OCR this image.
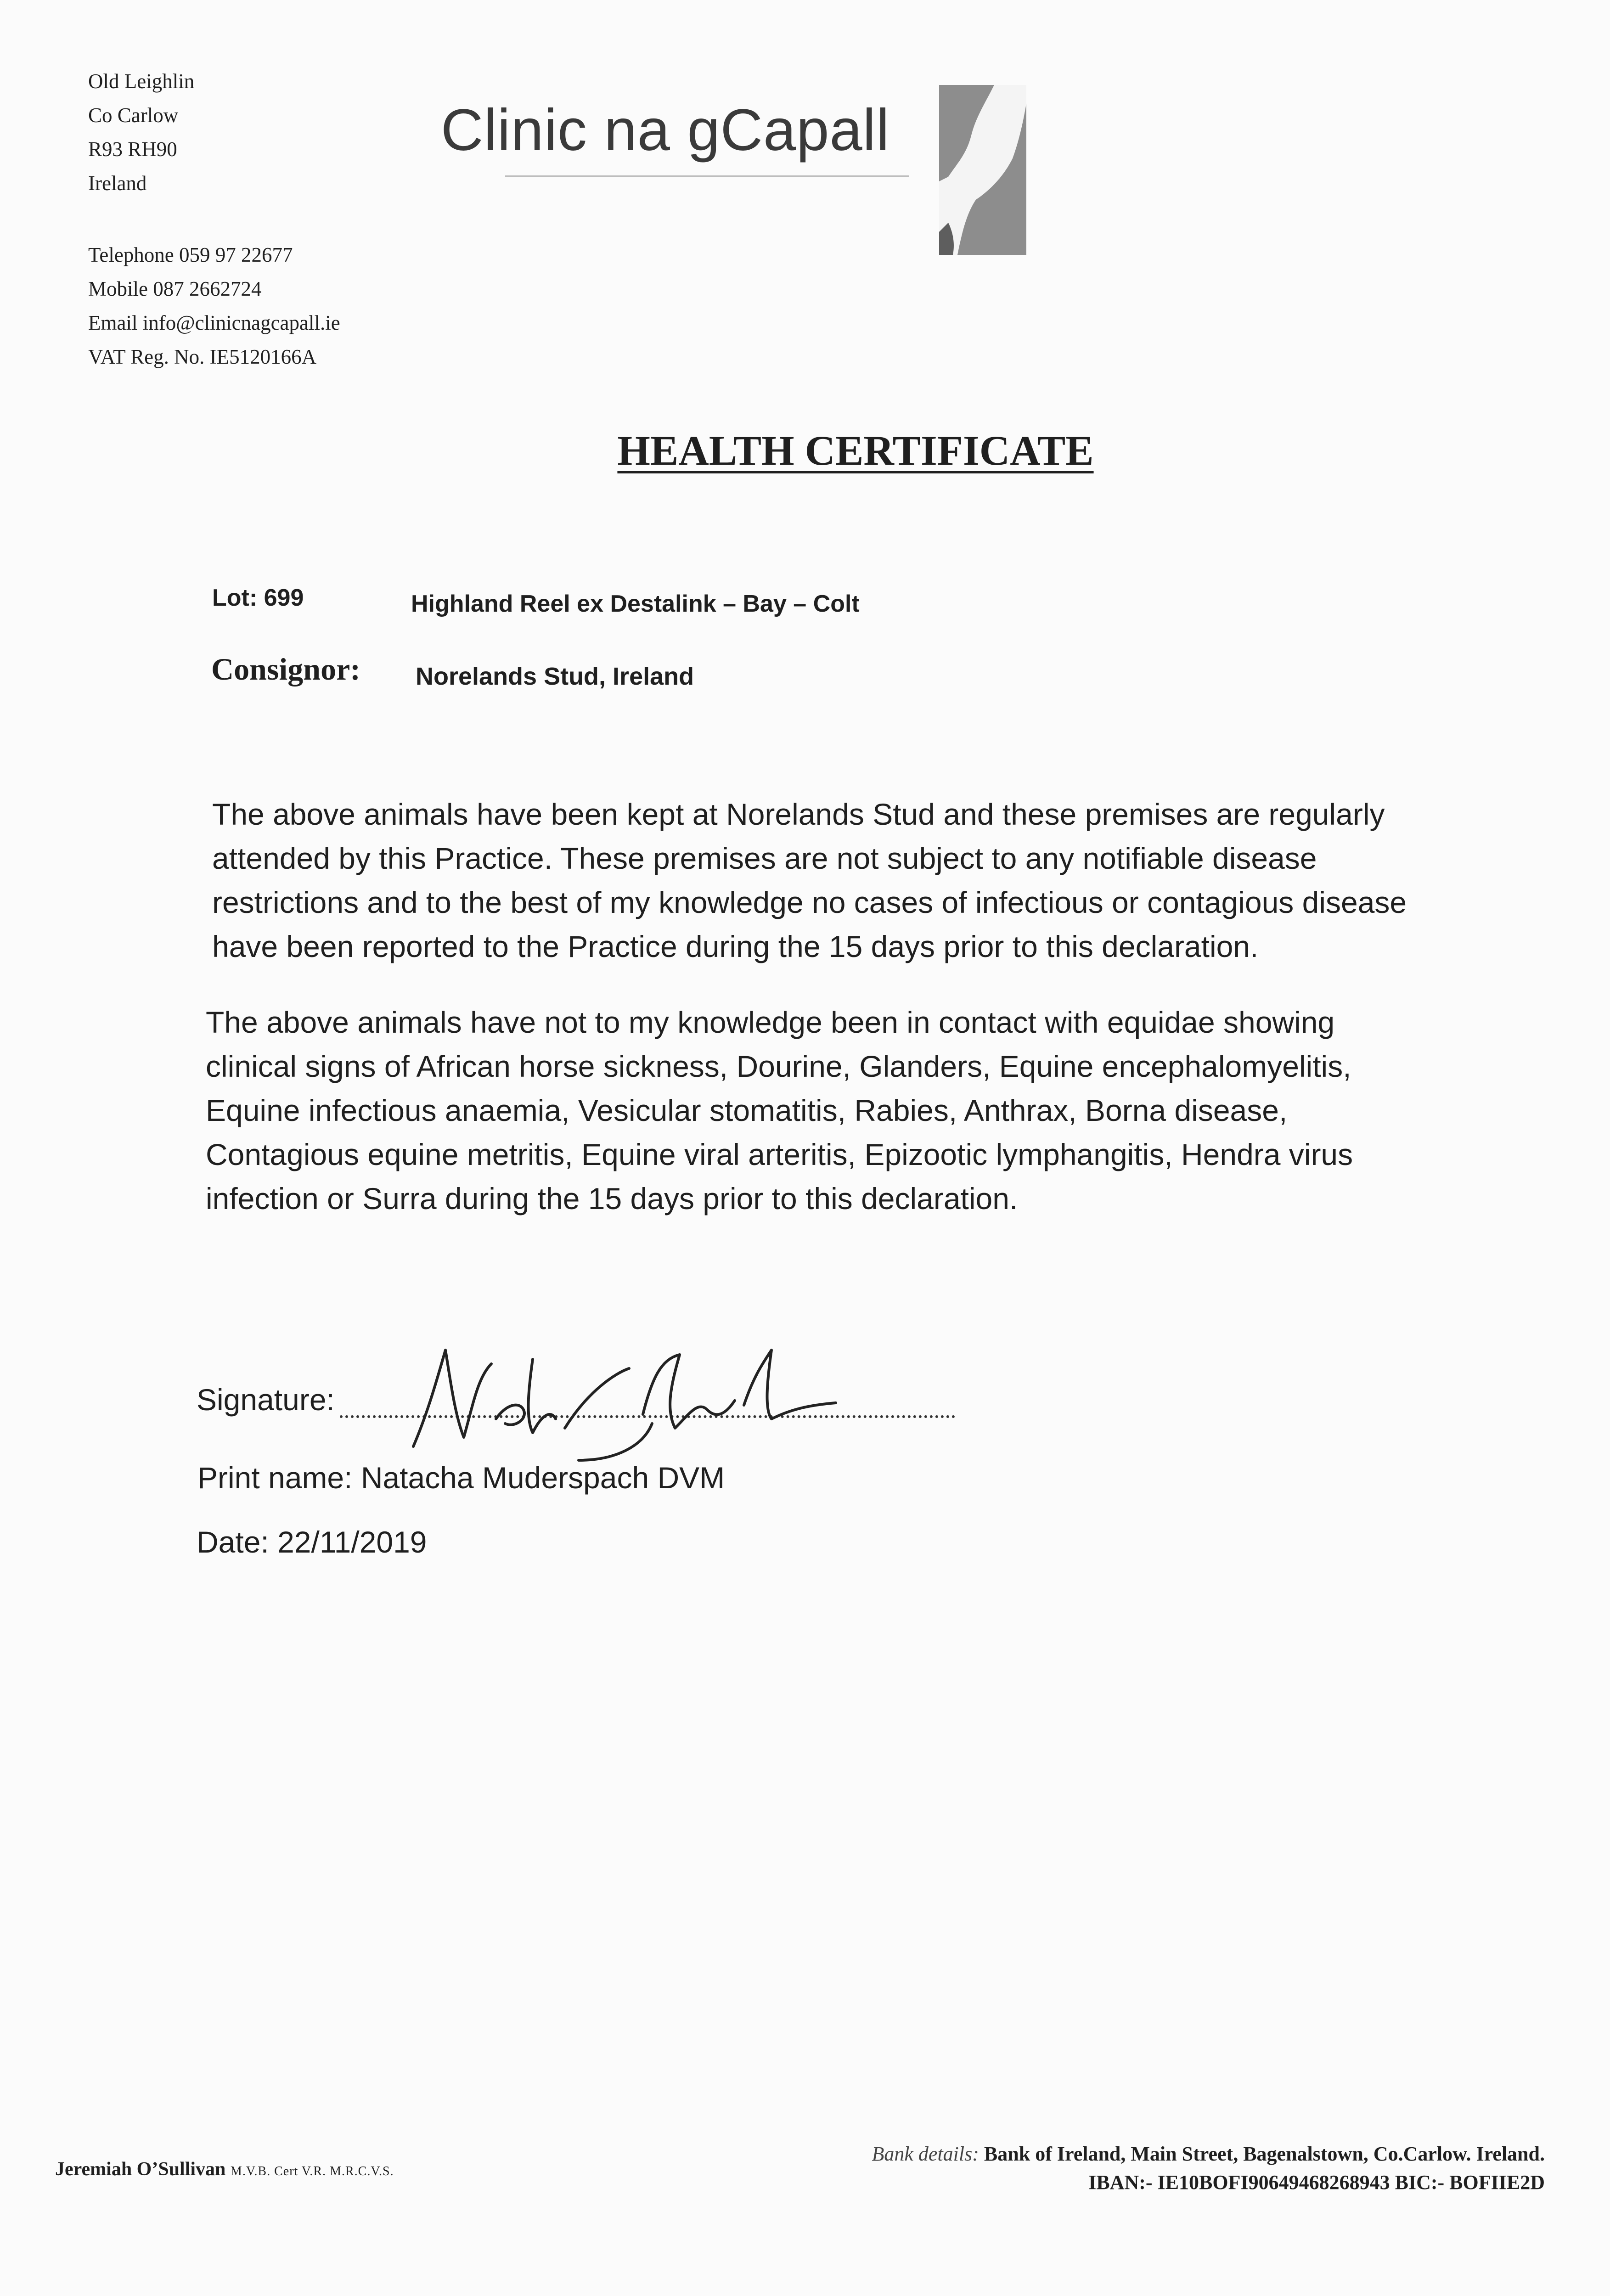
Old Leighlin
Co Carlow
R93 RH90
Ireland
Telephone 059 97 22677
Mobile 087 2662724
Email info@clinicnagcapall.ie
VAT Reg. No. IE5120166A
Clinic na gCapall
HEALTH CERTIFICATE
Lot: 699	Highland Reel ex Destalink – Bay – Colt
Consignor: Norelands Stud, Ireland
The above animals have been kept at Norelands Stud and these premises are regularly attended by this Practice. These premises are not subject to any notifiable disease restrictions and to the best of my knowledge no cases of infectious or contagious disease have been reported to the Practice during the 15 days prior to this declaration.
The above animals have not to my knowledge been in contact with equidae showing clinical signs of African horse sickness, Dourine, Glanders, Equine encephalomyelitis, Equine infectious anaemia, Vesicular stomatitis, Rabies, Anthrax, Borna disease, Contagious equine metritis, Equine viral arteritis, Epizootic lymphangitis, Hendra virus infection or Surra during the 15 days prior to this declaration.
Signature:
Print name: Natacha Muderspach DVM
Date: 22/11/2019
Jeremiah O’Sullivan M.V.B. Cert V.R. M.R.C.V.S.
Bank details: Bank of Ireland, Main Street, Bagenalstown, Co.Carlow. Ireland.
IBAN:- IE10BOFI90649468268943 BIC:- BOFIIE2D
